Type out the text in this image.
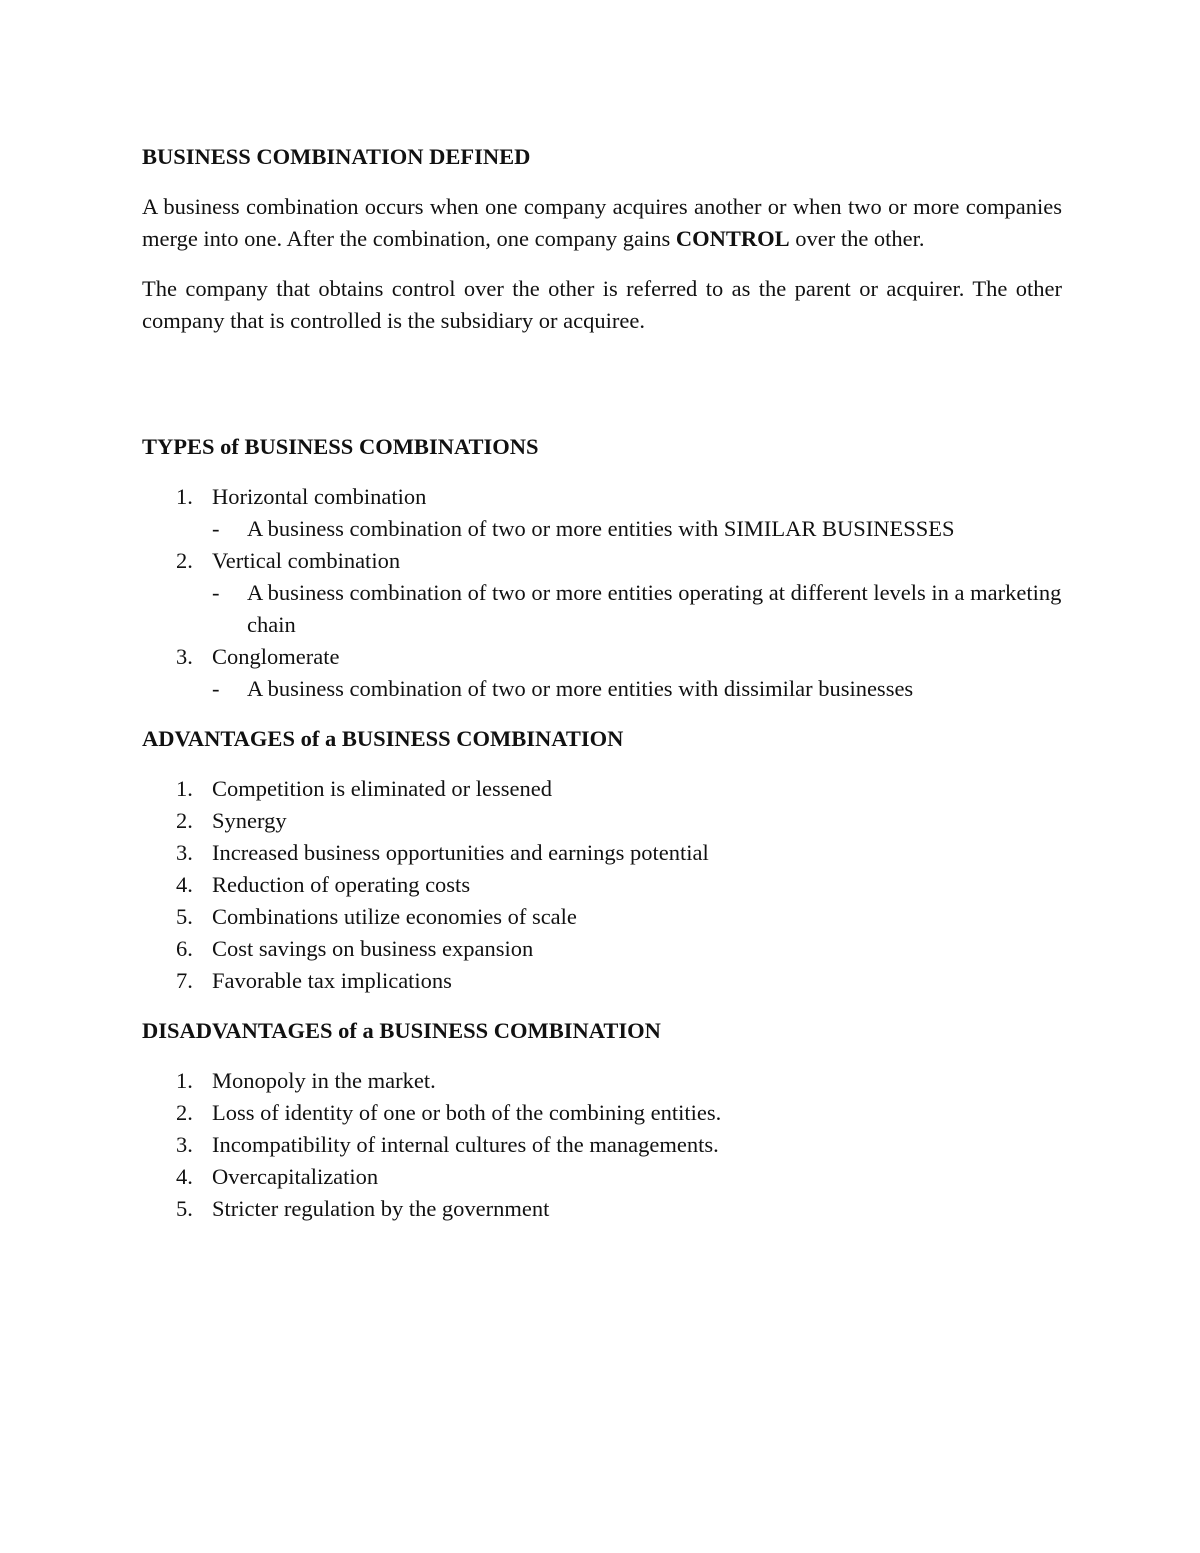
BUSINESS COMBINATION DEFINED

A business combination occurs when one company acquires another or when two or more companies merge into one. After the combination, one company gains CONTROL over the other.

The company that obtains control over the other is referred to as the parent or acquirer. The other company that is controlled is the subsidiary or acquiree.

TYPES of BUSINESS COMBINATIONS
1. Horizontal combination
- A business combination of two or more entities with SIMILAR BUSINESSES
2. Vertical combination
- A business combination of two or more entities operating at different levels in a marketing chain
3. Conglomerate
- A business combination of two or more entities with dissimilar businesses
ADVANTAGES of a BUSINESS COMBINATION
1. Competition is eliminated or lessened
2. Synergy
3. Increased business opportunities and earnings potential
4. Reduction of operating costs
5. Combinations utilize economies of scale
6. Cost savings on business expansion
7. Favorable tax implications
DISADVANTAGES of a BUSINESS COMBINATION
1. Monopoly in the market.
2. Loss of identity of one or both of the combining entities.
3. Incompatibility of internal cultures of the managements.
4. Overcapitalization
5. Stricter regulation by the government
